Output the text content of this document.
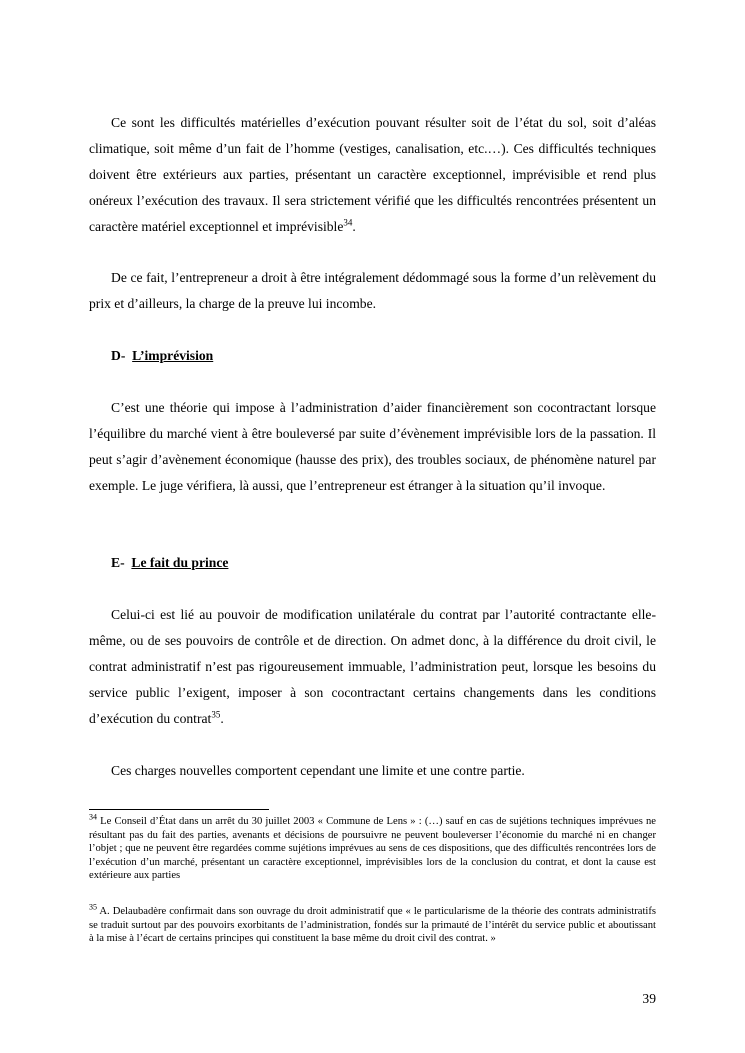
Ce sont les difficultés matérielles d’exécution pouvant résulter soit de l’état du sol, soit d’aléas climatique, soit même d’un fait de l’homme (vestiges, canalisation, etc.…). Ces difficultés techniques doivent être extérieurs aux parties, présentant un caractère exceptionnel, imprévisible et rend plus onéreux l’exécution des travaux. Il sera strictement vérifié que les difficultés rencontrées présentent un caractère matériel exceptionnel et imprévisible$^{34}$.

De ce fait, l’entrepreneur a droit à être intégralement dédommagé sous la forme d’un relèvement du prix et d’ailleurs, la charge de la preuve lui incombe.

D- L’imprévision

C’est une théorie qui impose à l’administration d’aider financièrement son cocontractant lorsque l’équilibre du marché vient à être bouleversé par suite d’évènement imprévisible lors de la passation. Il peut s’agir d’avènement économique (hausse des prix), des troubles sociaux, de phénomène naturel par exemple. Le juge vérifiera, là aussi, que l’entrepreneur est étranger à la situation qu’il invoque.

E- Le fait du prince

Celui-ci est lié au pouvoir de modification unilatérale du contrat par l’autorité contractante elle-même, ou de ses pouvoirs de contrôle et de direction. On admet donc, à la différence du droit civil, le contrat administratif n’est pas rigoureusement immuable, l’administration peut, lorsque les besoins du service public l’exigent, imposer à son cocontractant certains changements dans les conditions d’exécution du contrat$^{35}$.

Ces charges nouvelles comportent cependant une limite et une contre partie.

$^{34}$ Le Conseil d’État dans un arrêt du 30 juillet 2003 « Commune de Lens » : (…) sauf en cas de sujétions techniques imprévues ne résultant pas du fait des parties, avenants et décisions de poursuivre ne peuvent bouleverser l’économie du marché ni en changer l’objet ; que ne peuvent être regardées comme sujétions imprévues au sens de ces dispositions, que des difficultés rencontrées lors de l’exécution d’un marché, présentant un caractère exceptionnel, imprévisibles lors de la conclusion du contrat, et dont la cause est extérieure aux parties

$^{35}$ A. Delaubadère confirmait dans son ouvrage du droit administratif que « le particularisme de la théorie des contrats administratifs se traduit surtout par des pouvoirs exorbitants de l’administration, fondés sur la primauté de l’intérêt du service public et aboutissant à la mise à l’écart de certains principes qui constituent la base même du droit civil des contrat. »

39
